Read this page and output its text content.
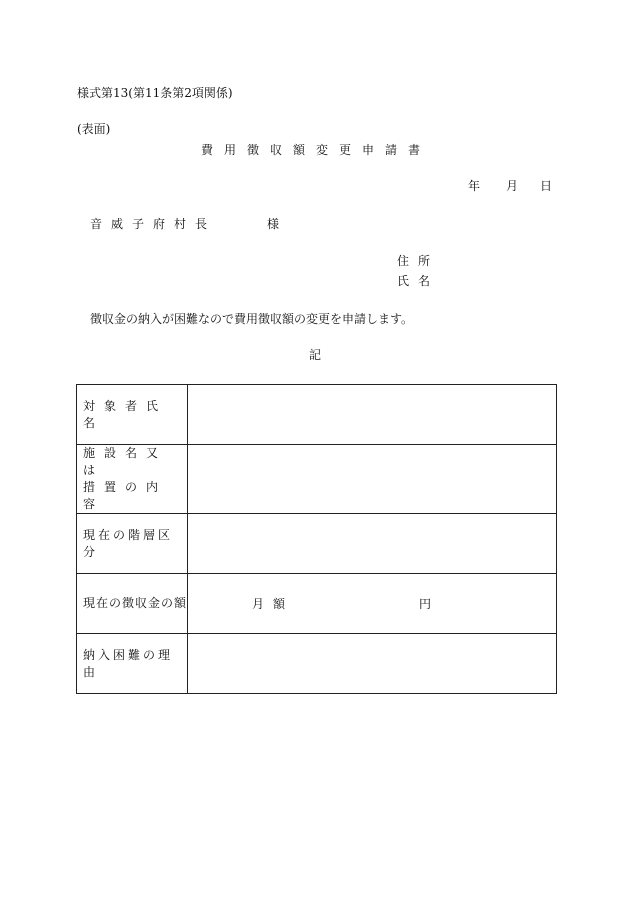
様式第13(第11条第2項関係)
(表面)
費用徴収額変更申請書
年 月 日
音威子府村長	様
住所
氏名
徴収金の納入が困難なので費用徴収額の変更を申請します。
記
対象者氏名	
施設名又は
措置の内容	
現在の階層区分	
現在の徴収金の額	月額 円

納入困難の理由	
